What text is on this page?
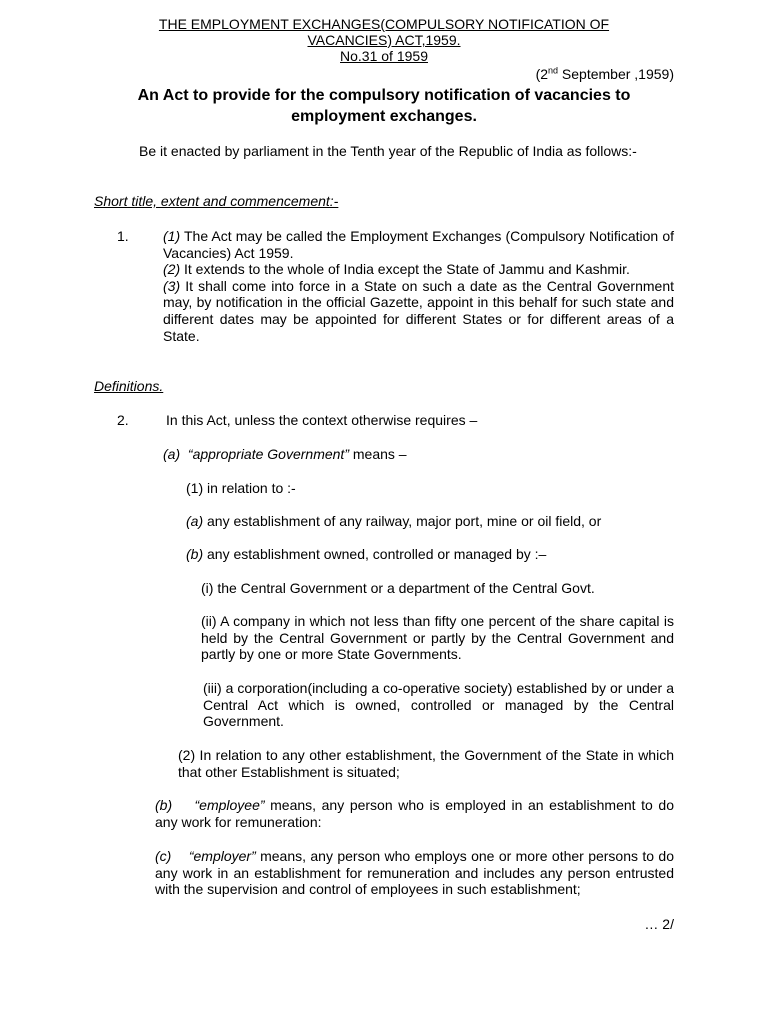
THE EMPLOYMENT EXCHANGES(COMPULSORY NOTIFICATION OF
VACANCIES) ACT,1959.
No.31 of 1959
(2nd September ,1959)
An Act to provide for the compulsory notification of vacancies to
employment exchanges.

Be it enacted by parliament in the Tenth year of the Republic of India as follows:-

Short title, extent and commencement:-

1. (1) The Act may be called the Employment Exchanges (Compulsory Notification of Vacancies) Act 1959.

(2) It extends to the whole of India except the State of Jammu and Kashmir.

(3) It shall come into force in a State on such a date as the Central Government may, by notification in the official Gazette, appoint in this behalf for such state and different dates may be appointed for different States or for different areas of a State.

Definitions.

2.	In this Act, unless the context otherwise requires –
(a) “appropriate Government” means –
(1) in relation to :-
(a) any establishment of any railway, major port, mine or oil field, or
(b) any establishment owned, controlled or managed by :–
(i) the Central Government or a department of the Central Govt.

(ii) A company in which not less than fifty one percent of the share capital is held by the Central Government or partly by the Central Government and partly by one or more State Governments.

(iii) a corporation(including a co-operative society) established by or under a Central Act which is owned, controlled or managed by the Central Government.

(2) In relation to any other establishment, the Government of the State in which that other Establishment is situated;

(b) “employee” means, any person who is employed in an establishment to do any work for remuneration:

(c) “employer” means, any person who employs one or more other persons to do any work in an establishment for remuneration and includes any person entrusted with the supervision and control of employees in such establishment;

… 2/
